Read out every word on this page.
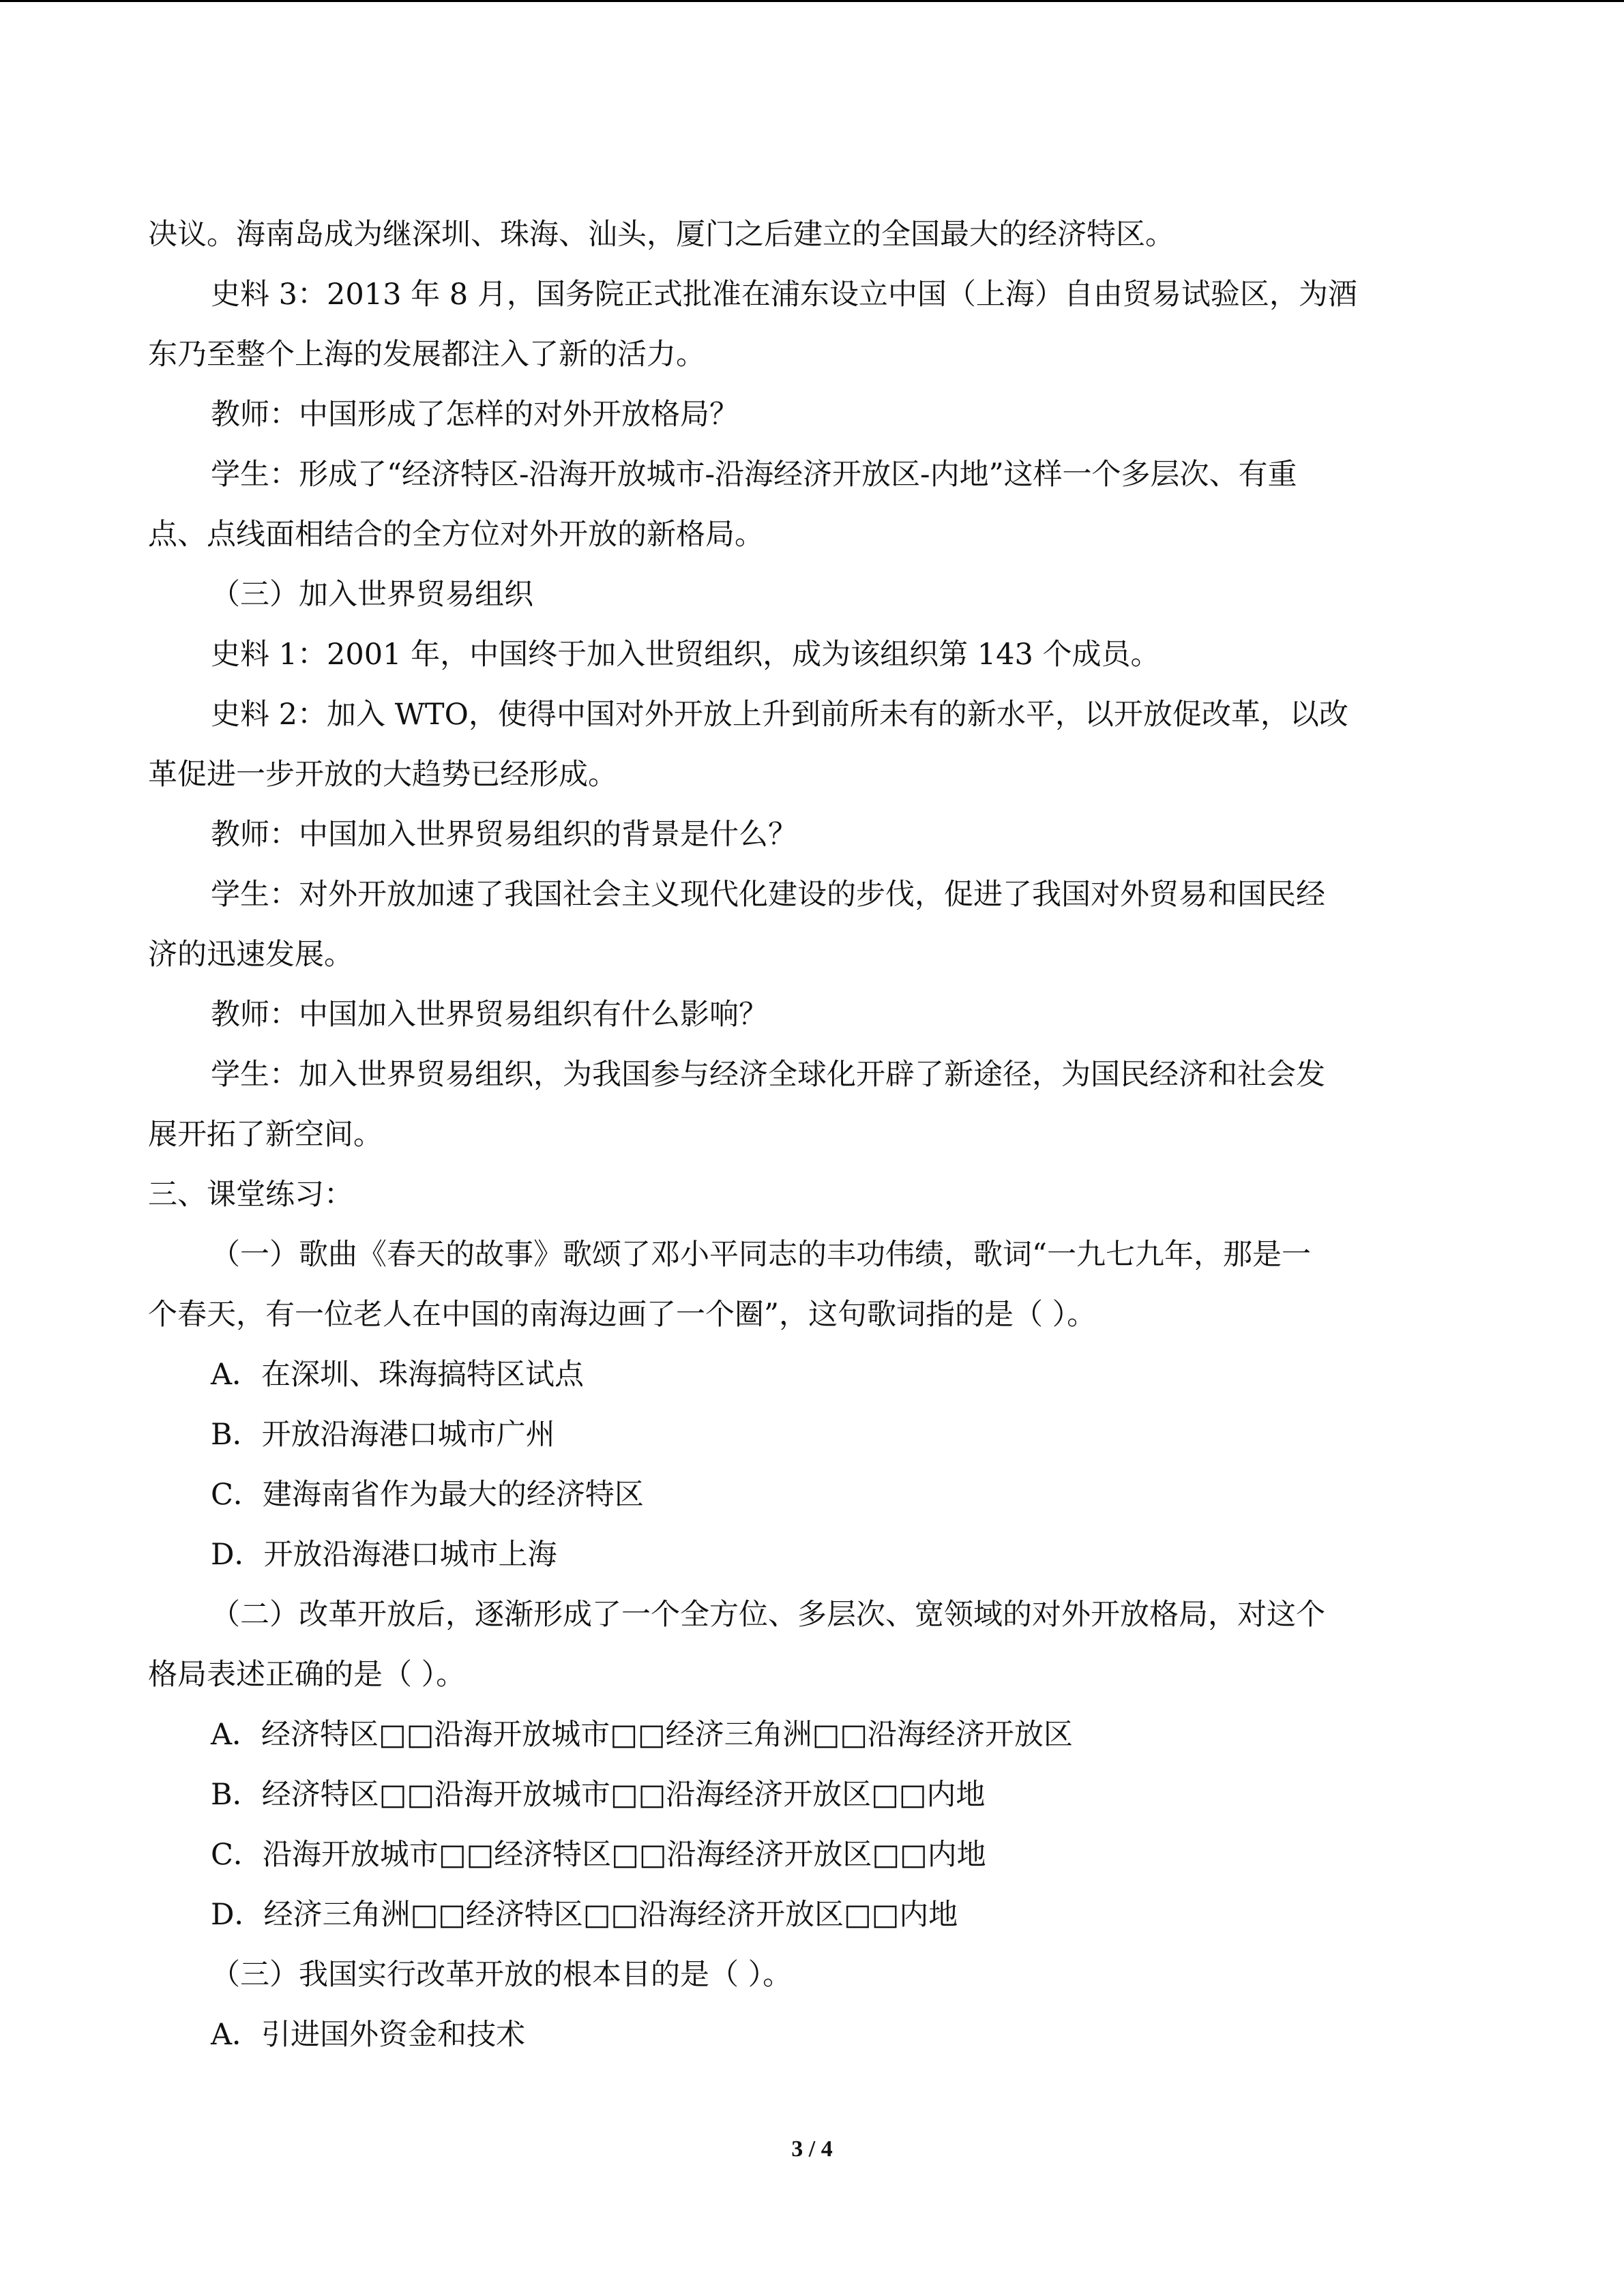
决议。海南岛成为继深圳、珠海、汕头，厦门之后建立的全国最大的经济特区。
史料 3：2013 年 8 月，国务院正式批准在浦东设立中国（上海）自由贸易试验区，为酒
东乃至整个上海的发展都注入了新的活力。
教师：中国形成了怎样的对外开放格局？
学生：形成了“经济特区-沿海开放城市-沿海经济开放区-内地”这样一个多层次、有重
点、点线面相结合的全方位对外开放的新格局。
（三）加入世界贸易组织
史料 1：2001 年，中国终于加入世贸组织，成为该组织第 143 个成员。
史料 2：加入 WTO，使得中国对外开放上升到前所未有的新水平，以开放促改革，以改
革促进一步开放的大趋势已经形成。
教师：中国加入世界贸易组织的背景是什么？
学生：对外开放加速了我国社会主义现代化建设的步伐，促进了我国对外贸易和国民经
济的迅速发展。
教师：中国加入世界贸易组织有什么影响？
学生：加入世界贸易组织，为我国参与经济全球化开辟了新途径，为国民经济和社会发
展开拓了新空间。
三、课堂练习：
（一）歌曲《春天的故事》歌颂了邓小平同志的丰功伟绩，歌词“一九七九年，那是一
个春天，有一位老人在中国的南海边画了一个圈”，这句歌词指的是（ ）。
A．在深圳、珠海搞特区试点
B．开放沿海港口城市广州
C．建海南省作为最大的经济特区
D．开放沿海港口城市上海
（二）改革开放后，逐渐形成了一个全方位、多层次、宽领域的对外开放格局，对这个
格局表述正确的是（ ）。
A．经济特区□□沿海开放城市□□经济三角洲□□沿海经济开放区
B．经济特区□□沿海开放城市□□沿海经济开放区□□内地
C．沿海开放城市□□经济特区□□沿海经济开放区□□内地
D．经济三角洲□□经济特区□□沿海经济开放区□□内地
（三）我国实行改革开放的根本目的是（ ）。
A．引进国外资金和技术
3 / 4
